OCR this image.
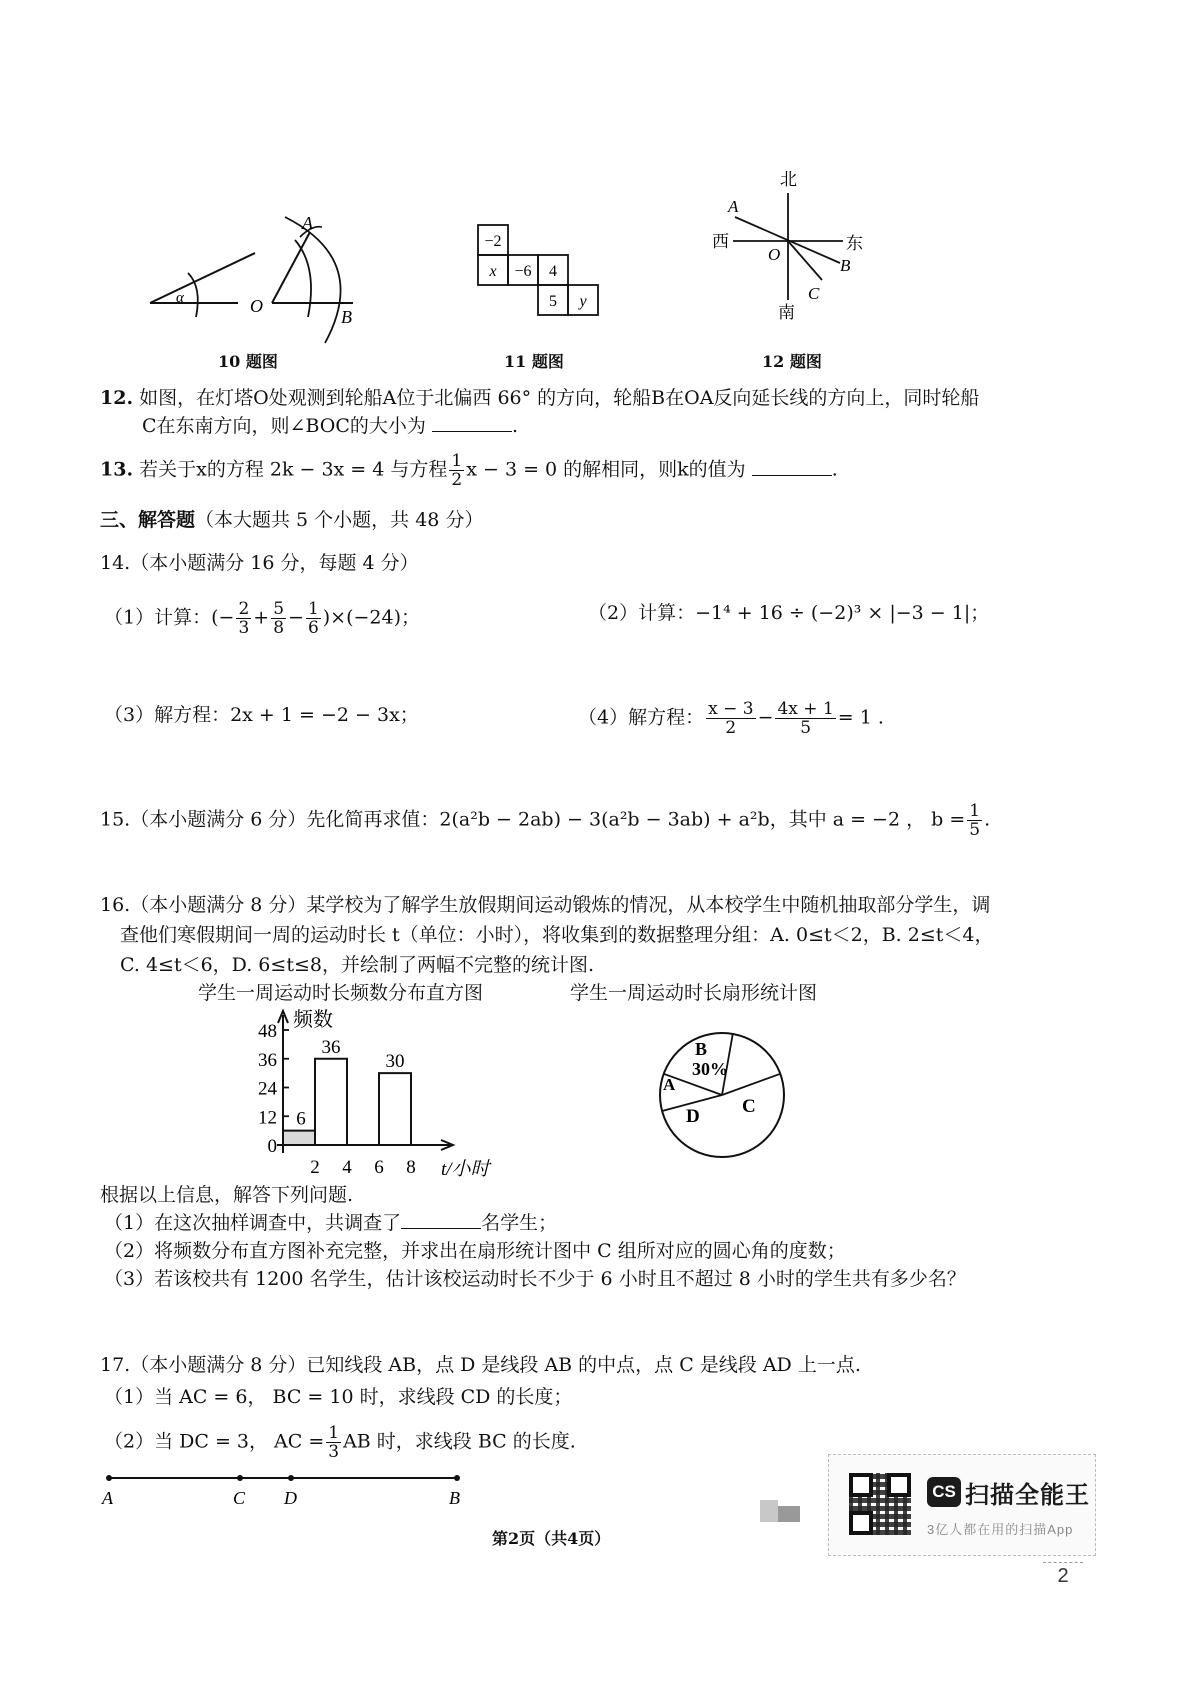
α
A
O
B
10 题图
−2
x −6 4
5 y
11 题图
北
南
西	东
A
O
B
C
12 题图
12. 如图，在灯塔O处观测到轮船A位于北偏西 66° 的方向，轮船B在OA反向延长线的方向上，同时轮船
C在东南方向，则∠BOC的大小为	.
13. 若关于x的方程 2k − 3x = 4 与方程 $\frac{1}{2}$ x − 3 = 0 的解相同，则k的值为	.
三、解答题（本大题共 5 个小题，共 48 分）
14.（本小题满分 16 分，每题 4 分）
（1）计算：(− $\frac{2}{3} + \frac{5}{8} - \frac{1}{6} )\times(-24)$；	（2）计算：−1⁴ + 16 ÷ (−2)³ × |−3 − 1|；
（3）解方程：2x + 1 = −2 − 3x；	（4）解方程： $\frac{x - 3}{2} - \frac{4x + 1}{5} = 1$ .
15.（本小题满分 6 分）先化简再求值：2(a²b − 2ab) − 3(a²b − 3ab) + a²b，其中 a = −2 ， $b = \frac{1}{5}$ .
16.（本小题满分 8 分）某学校为了解学生放假期间运动锻炼的情况，从本校学生中随机抽取部分学生，调
查他们寒假期间一周的运动时长 t（单位：小时），将收集到的数据整理分组：A. 0≤t＜2，B. 2≤t＜4，
C. 4≤t＜6，D. 6≤t≤8，并绘制了两幅不完整的统计图.
学生一周运动时长频数分布直方图	学生一周运动时长扇形统计图
0
12
24
36
48
2 4 6 8
6
36
30
频数
t/小时
B
30%
A
C
D
根据以上信息，解答下列问题.
（1）在这次抽样调查中，共调查了	名学生；
（2）将频数分布直方图补充完整，并求出在扇形统计图中 C 组所对应的圆心角的度数；
（3）若该校共有 1200 名学生，估计该校运动时长不少于 6 小时且不超过 8 小时的学生共有多少名？
17.（本小题满分 8 分）已知线段 AB，点 D 是线段 AB 的中点，点 C 是线段 AD 上一点.
（1）当 AC = 6， BC = 10 时，求线段 CD 的长度；
（2）当 DC = 3， AC = $\frac{1}{3}$ AB 时，求线段 BC 的长度.
A	C D	B
第2页（共4页）
CS 扫描全能王
3亿人都在用的扫描App
2
